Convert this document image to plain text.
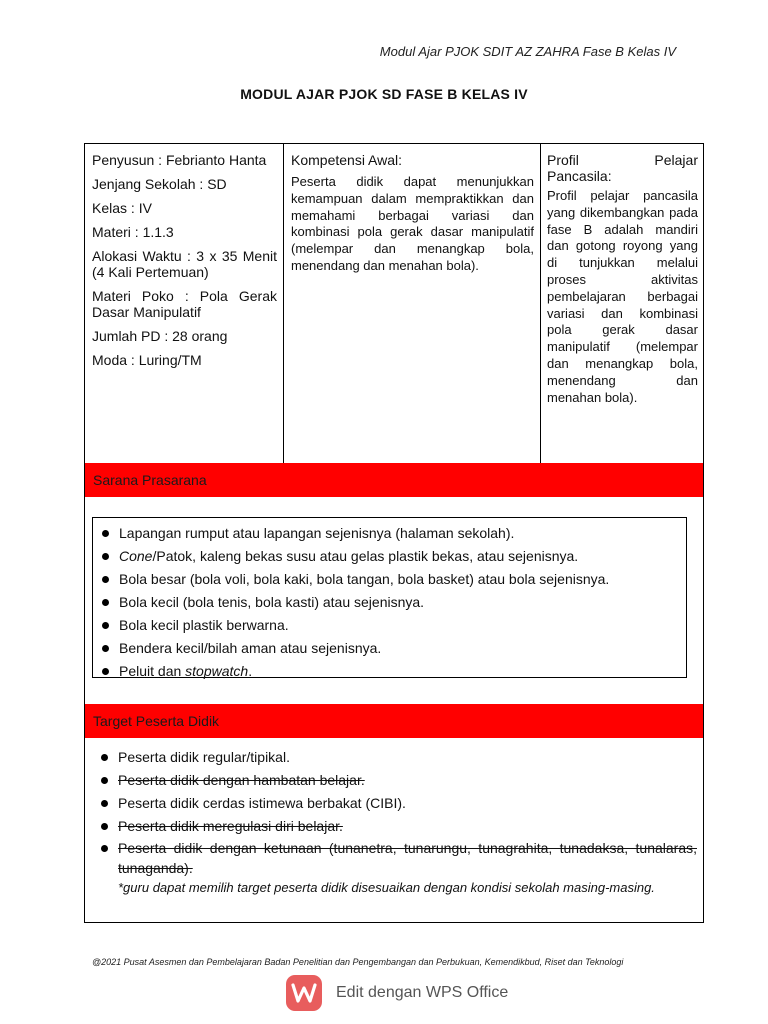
Modul Ajar PJOK SDIT AZ ZAHRA Fase B Kelas IV
MODUL AJAR PJOK SD FASE B KELAS IV
Penyusun : Febrianto Hanta
Jenjang Sekolah : SD
Kelas : IV
Materi : 1.1.3
Alokasi Waktu : 3 x 35 Menit (4 Kali Pertemuan)
Materi Poko : Pola Gerak Dasar Manipulatif
Jumlah PD : 28 orang
Moda : Luring/TM
Kompetensi Awal:
Peserta didik dapat menunjukkan kemampuan dalam mempraktikkan dan memahami berbagai variasi dan kombinasi pola gerak dasar manipulatif (melempar dan menangkap bola, menendang dan menahan bola).
Profil	Pelajar
Pancasila:
Profil pelajar pancasila yang dikembangkan pada fase B adalah mandiri dan gotong royong yang di tunjukkan melalui proses aktivitas pembelajaran berbagai variasi dan kombinasi pola gerak dasar manipulatif (melempar dan menangkap bola, menendang dan menahan bola).
Sarana Prasarana
Lapangan rumput atau lapangan sejenisnya (halaman sekolah).
Cone/Patok, kaleng bekas susu atau gelas plastik bekas, atau sejenisnya.
Bola besar (bola voli, bola kaki, bola tangan, bola basket) atau bola sejenisnya.
Bola kecil (bola tenis, bola kasti) atau sejenisnya.
Bola kecil plastik berwarna.
Bendera kecil/bilah aman atau sejenisnya.
Peluit dan stopwatch.
Target Peserta Didik
Peserta didik regular/tipikal.
Peserta didik dengan hambatan belajar.
Peserta didik cerdas istimewa berbakat (CIBI).
Peserta didik meregulasi diri belajar.
Peserta didik dengan ketunaan (tunanetra, tunarungu, tunagrahita, tunadaksa, tunalaras, tunaganda).
*guru dapat memilih target peserta didik disesuaikan dengan kondisi sekolah masing-masing.
@2021 Pusat Asesmen dan Pembelajaran Badan Penelitian dan Pengembangan dan Perbukuan, Kemendikbud, Riset dan Teknologi
Edit dengan WPS Office
